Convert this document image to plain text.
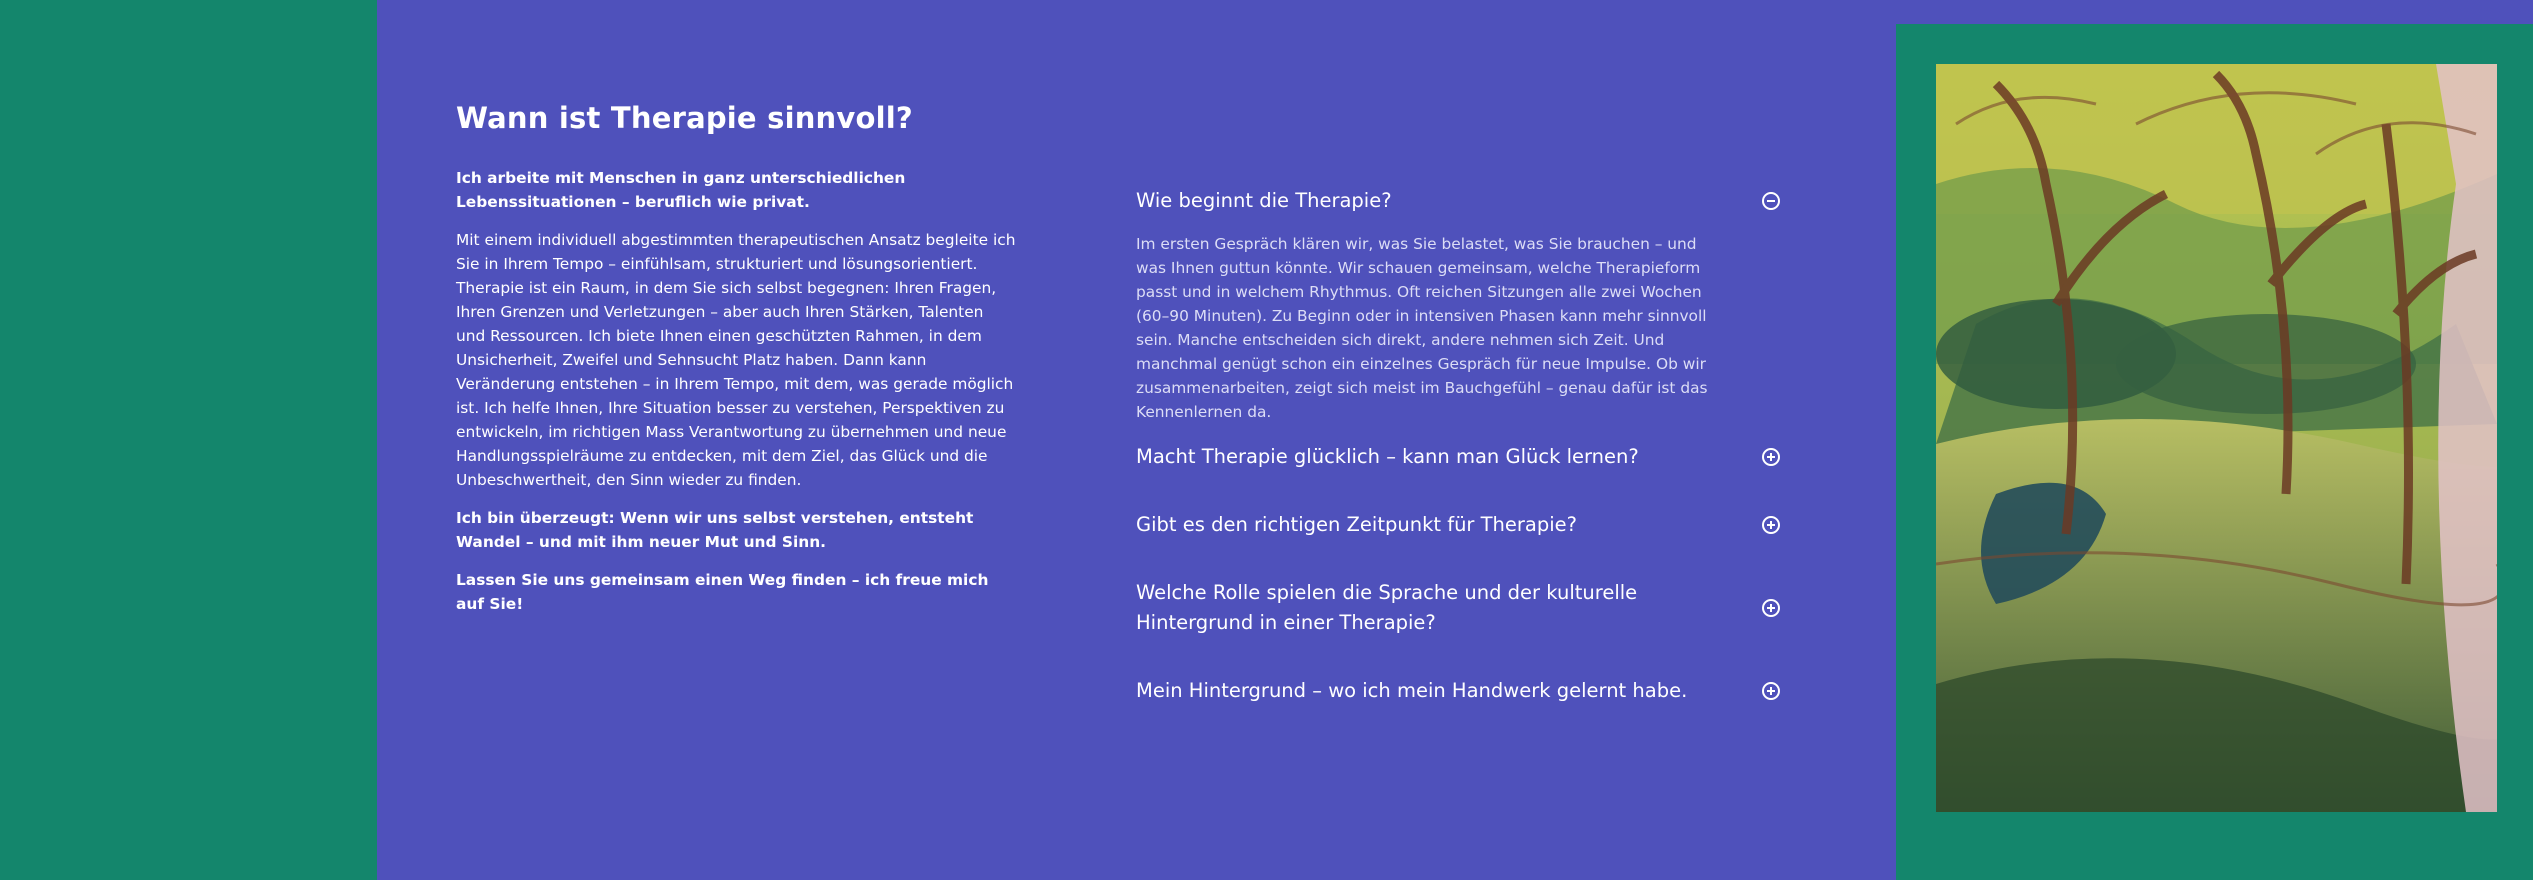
Wann ist Therapie sinnvoll?

Ich arbeite mit Menschen in ganz unterschiedlichen Lebenssituationen – beruflich wie privat.

Mit einem individuell abgestimmten therapeutischen Ansatz begleite ich Sie in Ihrem Tempo – einfühlsam, strukturiert und lösungsorientiert. Therapie ist ein Raum, in dem Sie sich selbst begegnen: Ihren Fragen, Ihren Grenzen und Verletzungen – aber auch Ihren Stärken, Talenten und Ressourcen. Ich biete Ihnen einen geschützten Rahmen, in dem Unsicherheit, Zweifel und Sehnsucht Platz haben. Dann kann Veränderung entstehen – in Ihrem Tempo, mit dem, was gerade möglich ist. Ich helfe Ihnen, Ihre Situation besser zu verstehen, Perspektiven zu entwickeln, im richtigen Mass Verantwortung zu übernehmen und neue Handlungsspielräume zu entdecken, mit dem Ziel, das Glück und die Unbeschwertheit, den Sinn wieder zu finden.

Ich bin überzeugt: Wenn wir uns selbst verstehen, entsteht Wandel – und mit ihm neuer Mut und Sinn.

Lassen Sie uns gemeinsam einen Weg finden – ich freue mich auf Sie!

Wie beginnt die Therapie?
Im ersten Gespräch klären wir, was Sie belastet, was Sie brauchen – und was Ihnen guttun könnte. Wir schauen gemeinsam, welche Therapieform passt und in welchem Rhythmus. Oft reichen Sitzungen alle zwei Wochen (60–90 Minuten). Zu Beginn oder in intensiven Phasen kann mehr sinnvoll sein. Manche entscheiden sich direkt, andere nehmen sich Zeit. Und manchmal genügt schon ein einzelnes Gespräch für neue Impulse. Ob wir zusammenarbeiten, zeigt sich meist im Bauchgefühl – genau dafür ist das Kennenlernen da.
Macht Therapie glücklich – kann man Glück lernen?
Gibt es den richtigen Zeitpunkt für Therapie?
Welche Rolle spielen die Sprache und der kulturelle Hintergrund in einer Therapie?
Mein Hintergrund – wo ich mein Handwerk gelernt habe.
